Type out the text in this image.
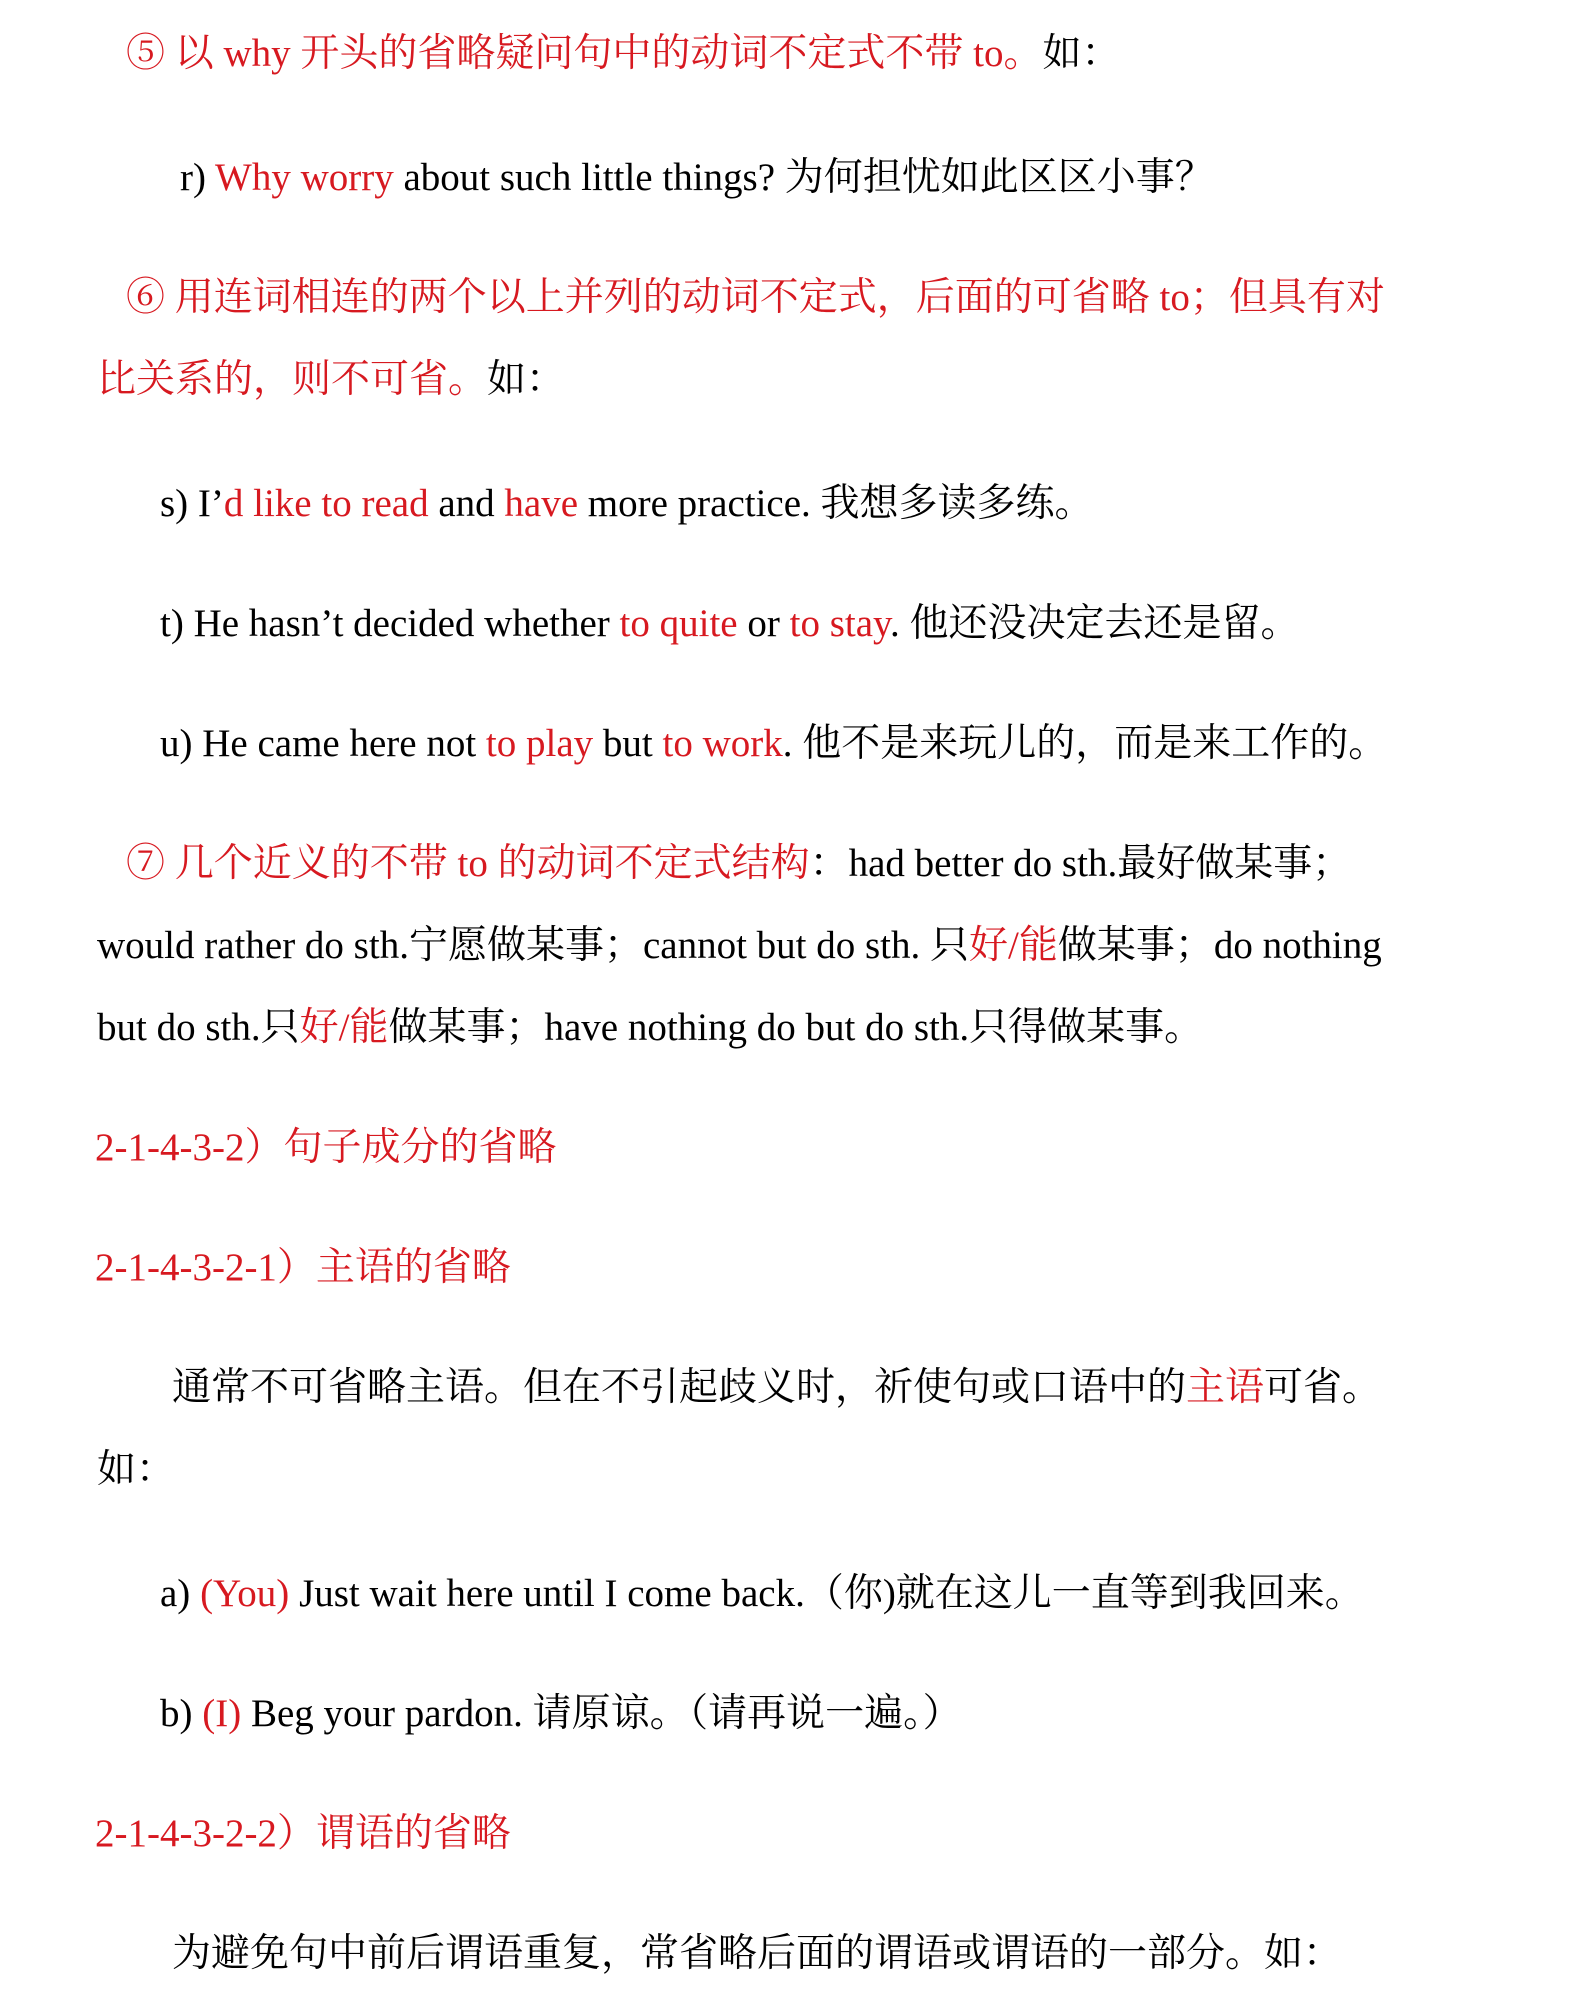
⑤ 以 why 开头的省略疑问句中的动词不定式不带 to。如：
r) Why worry about such little things? 为何担忧如此区区小事？
⑥ 用连词相连的两个以上并列的动词不定式，后面的可省略 to；但具有对
比关系的，则不可省。如：
s) I’d like to read and have more practice. 我想多读多练。
t) He hasn’t decided whether to quite or to stay. 他还没决定去还是留。
u) He came here not to play but to work. 他不是来玩儿的，而是来工作的。
⑦ 几个近义的不带 to 的动词不定式结构：had better do sth.最好做某事；
would rather do sth.宁愿做某事；cannot but do sth. 只好/能做某事；do nothing
but do sth.只好/能做某事；have nothing do but do sth.只得做某事。
2-1-4-3-2）句子成分的省略
2-1-4-3-2-1）主语的省略
通常不可省略主语。但在不引起歧义时，祈使句或口语中的主语可省。
如：
a) (You) Just wait here until I come back.（你)就在这儿一直等到我回来。
b) (I) Beg your pardon. 请原谅。（请再说一遍。）
2-1-4-3-2-2）谓语的省略
为避免句中前后谓语重复，常省略后面的谓语或谓语的一部分。如：
